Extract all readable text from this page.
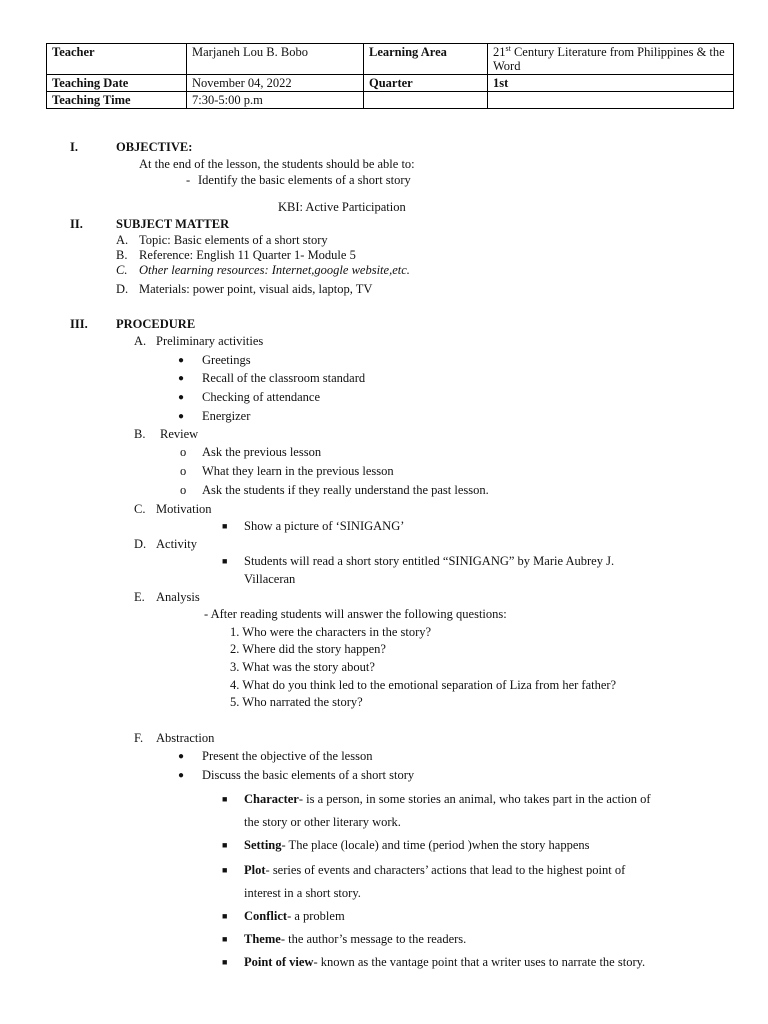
Teacher	Marjaneh Lou B. Bobo	Learning Area	21st Century Literature from Philippines & the Word
Teaching Date	November 04, 2022	Quarter	1st
Teaching Time	7:30-5:00 p.m		
I.	OBJECTIVE:
At the end of the lesson, the students should be able to:
- Identify the basic elements of a short story
KBI: Active Participation
II.	SUBJECT MATTER
A. Topic: Basic elements of a short story
B. Reference: English 11 Quarter 1- Module 5
C. Other learning resources: Internet,google website,etc.
D. Materials: power point, visual aids, laptop, TV
III. PROCEDURE
A. Preliminary activities
● Greetings
● Recall of the classroom standard
● Checking of attendance
● Energizer
B. Review
o Ask the previous lesson
o What they learn in the previous lesson
o Ask the students if they really understand the past lesson.
C. Motivation
■ Show a picture of ‘SINIGANG’
D. Activity
■ Students will read a short story entitled “SINIGANG” by Marie Aubrey J.
Villaceran
E. Analysis
- After reading students will answer the following questions:
1. Who were the characters in the story?
2. Where did the story happen?
3. What was the story about?
4. What do you think led to the emotional separation of Liza from her father?
5. Who narrated the story?
F. Abstraction
● Present the objective of the lesson
● Discuss the basic elements of a short story
■ Character- is a person, in some stories an animal, who takes part in the action of
the story or other literary work.
■ Setting- The place (locale) and time (period )when the story happens
■ Plot- series of events and characters’ actions that lead to the highest point of
interest in a short story.
■ Conflict- a problem
■ Theme- the author’s message to the readers.
■ Point of view- known as the vantage point that a writer uses to narrate the story.
